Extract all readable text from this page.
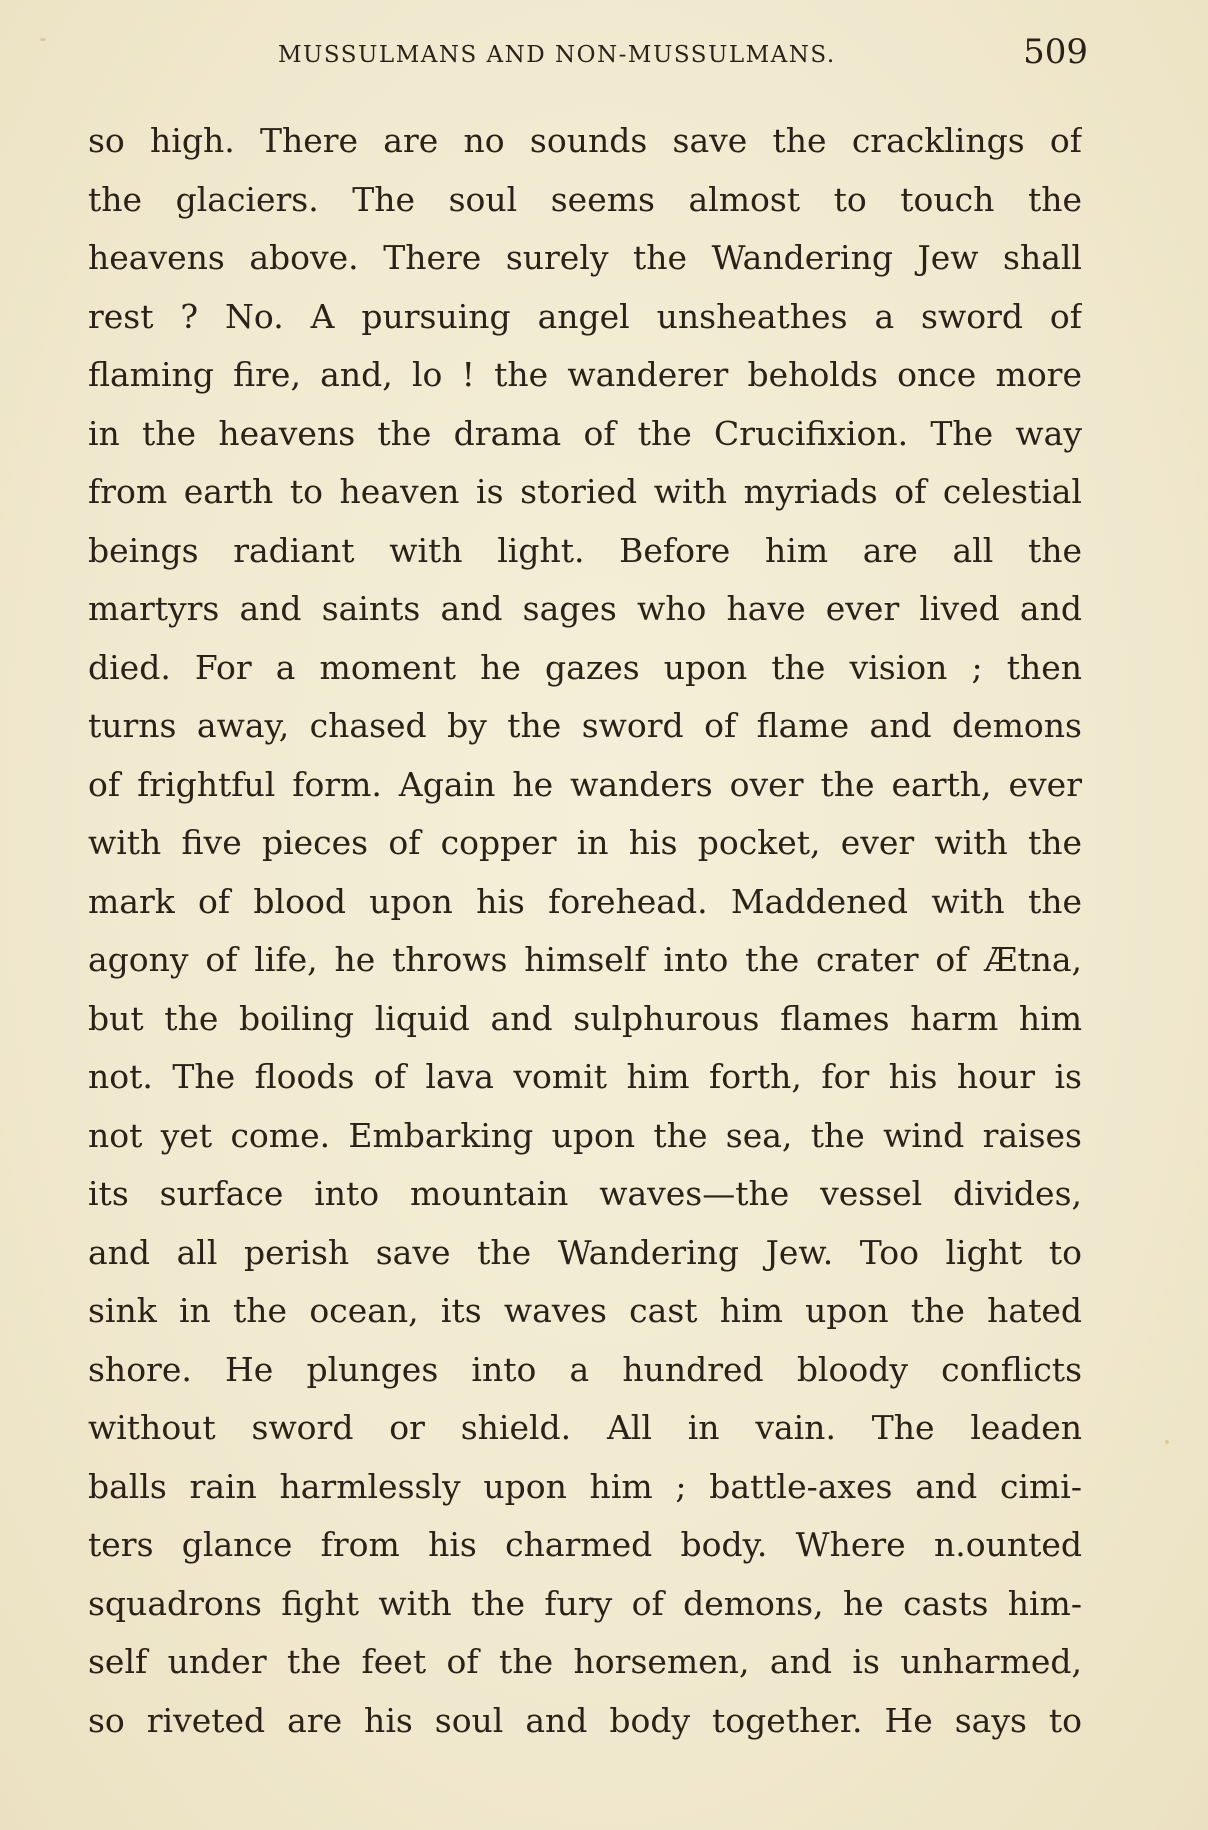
MUSSULMANS AND NON-MUSSULMANS.	509
so high. There are no sounds save the cracklings of
the glaciers. The soul seems almost to touch the
heavens above. There surely the Wandering Jew shall
rest ? No. A pursuing angel unsheathes a sword of
flaming fire, and, lo ! the wanderer beholds once more
in the heavens the drama of the Crucifixion. The way
from earth to heaven is storied with myriads of celestial
beings radiant with light. Before him are all the
martyrs and saints and sages who have ever lived and
died. For a moment he gazes upon the vision ; then
turns away, chased by the sword of flame and demons
of frightful form. Again he wanders over the earth, ever
with five pieces of copper in his pocket, ever with the
mark of blood upon his forehead. Maddened with the
agony of life, he throws himself into the crater of Ætna,
but the boiling liquid and sulphurous flames harm him
not. The floods of lava vomit him forth, for his hour is
not yet come. Embarking upon the sea, the wind raises
its surface into mountain waves—the vessel divides,
and all perish save the Wandering Jew. Too light to
sink in the ocean, its waves cast him upon the hated
shore. He plunges into a hundred bloody conflicts
without sword or shield. All in vain. The leaden
balls rain harmlessly upon him ; battle-axes and cimi-
ters glance from his charmed body. Where n.ounted
squadrons fight with the fury of demons, he casts him-
self under the feet of the horsemen, and is unharmed,
so riveted are his soul and body together. He says to
